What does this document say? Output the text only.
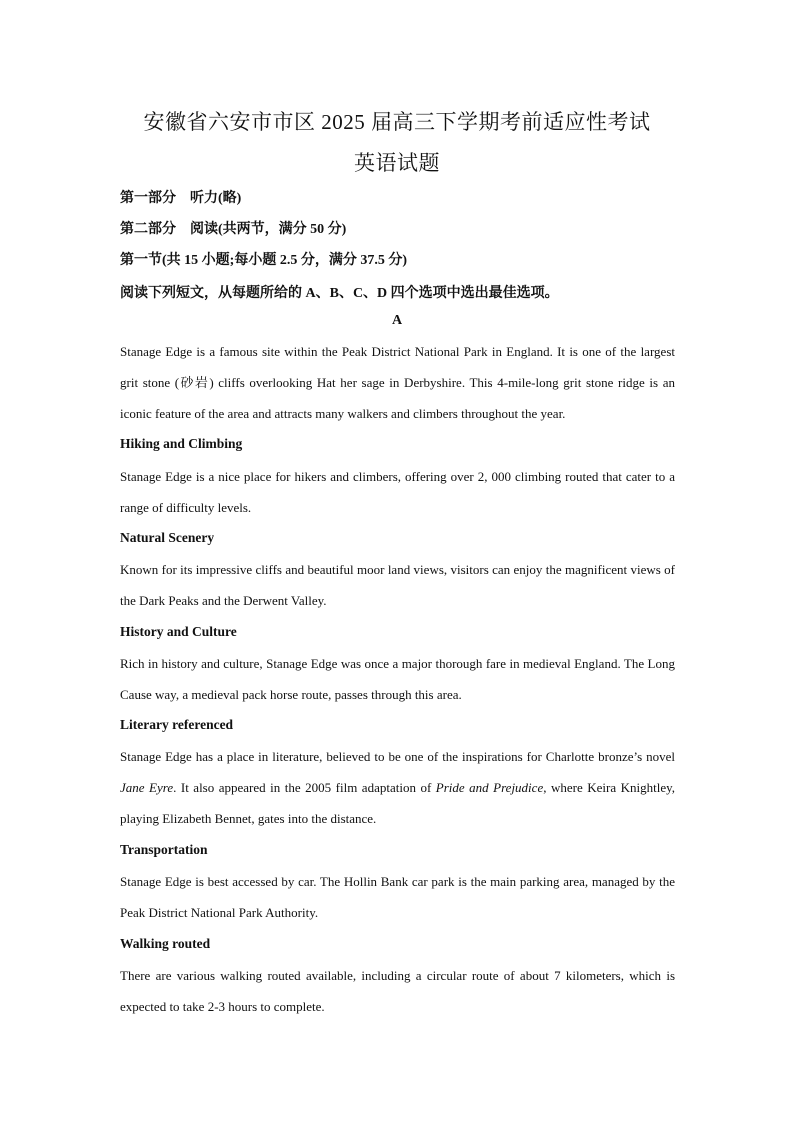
安徽省六安市市区 2025 届高三下学期考前适应性考试
英语试题
第一部分　听力(略)
第二部分　阅读(共两节，满分 50 分)
第一节(共 15 小题;每小题 2.5 分，满分 37.5 分)
阅读下列短文，从每题所给的 A、B、C、D 四个选项中选出最佳选项。
A

Stanage Edge is a famous site within the Peak District National Park in England. It is one of the largest grit stone (砂岩) cliffs overlooking Hat her sage in Derbyshire. This 4-mile-long grit stone ridge is an iconic feature of the area and attracts many walkers and climbers throughout the year.

Hiking and Climbing

Stanage Edge is a nice place for hikers and climbers, offering over 2, 000 climbing routed that cater to a range of difficulty levels.

Natural Scenery

Known for its impressive cliffs and beautiful moor land views, visitors can enjoy the magnificent views of the Dark Peaks and the Derwent Valley.

History and Culture

Rich in history and culture, Stanage Edge was once a major thorough fare in medieval England. The Long Cause way, a medieval pack horse route, passes through this area.

Literary referenced

Stanage Edge has a place in literature, believed to be one of the inspirations for Charlotte bronze’s novel Jane Eyre. It also appeared in the 2005 film adaptation of Pride and Prejudice, where Keira Knightley, playing Elizabeth Bennet, gates into the distance.

Transportation

Stanage Edge is best accessed by car. The Hollin Bank car park is the main parking area, managed by the Peak District National Park Authority.

Walking routed

There are various walking routed available, including a circular route of about 7 kilometers, which is expected to take 2-3 hours to complete.
